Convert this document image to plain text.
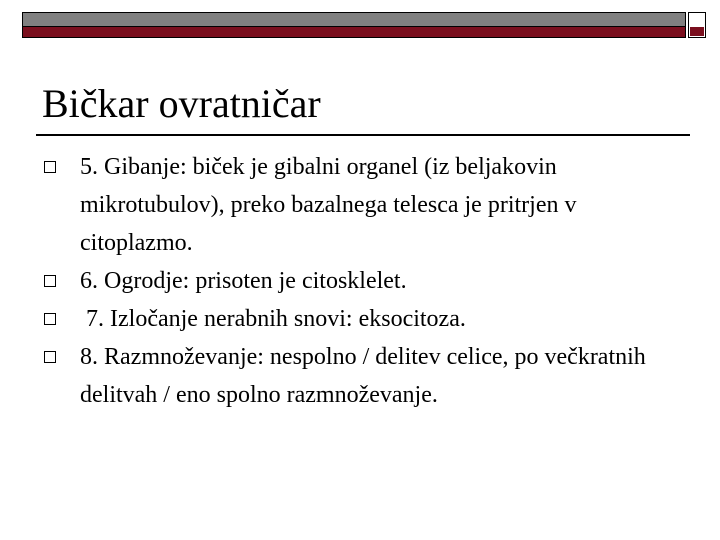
Bičkar ovratničar
5. Gibanje: biček je gibalni organel (iz beljakovin mikrotubulov), preko bazalnega telesca je pritrjen v citoplazmo.
6. Ogrodje: prisoten je citosklelet.
7. Izločanje nerabnih snovi: eksocitoza.
8. Razmnoževanje: nespolno / delitev celice, po večkratnih delitvah / eno spolno razmnoževanje.
